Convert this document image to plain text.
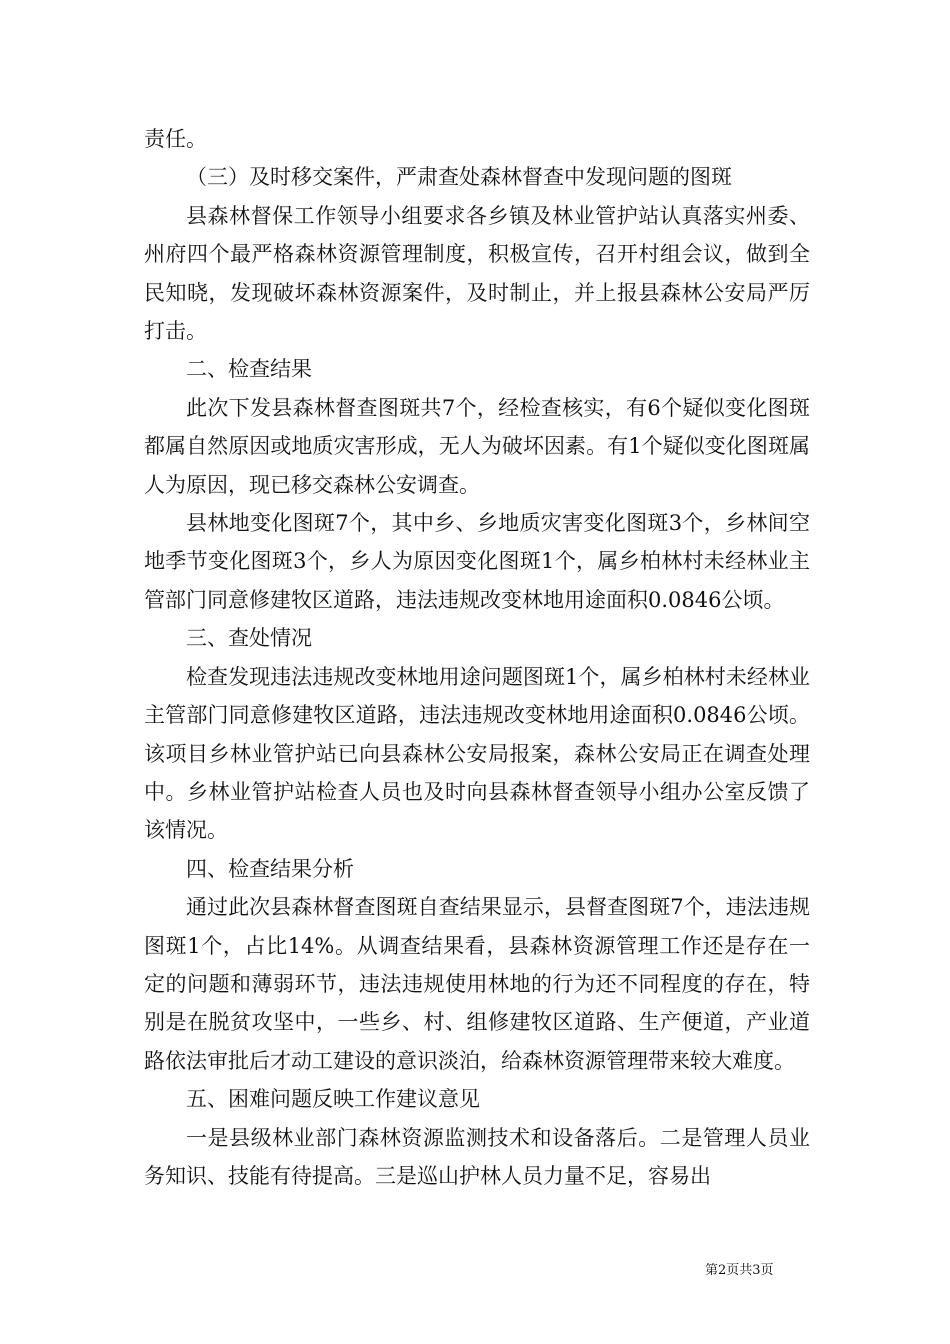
责任。

（三）及时移交案件，严肃查处森林督查中发现问题的图斑

县森林督保工作领导小组要求各乡镇及林业管护站认真落实州委、州府四个最严格森林资源管理制度，积极宣传，召开村组会议，做到全民知晓，发现破坏森林资源案件，及时制止，并上报县森林公安局严厉打击。

二、检查结果

此次下发县森林督查图斑共7个，经检查核实，有6个疑似变化图斑都属自然原因或地质灾害形成，无人为破坏因素。有1个疑似变化图斑属人为原因，现已移交森林公安调查。

县林地变化图斑7个，其中乡、乡地质灾害变化图斑3个，乡林间空地季节变化图斑3个，乡人为原因变化图斑1个，属乡柏林村未经林业主管部门同意修建牧区道路，违法违规改变林地用途面积0.0846公顷。

三、查处情况

检查发现违法违规改变林地用途问题图斑1个，属乡柏林村未经林业主管部门同意修建牧区道路，违法违规改变林地用途面积0.0846公顷。该项目乡林业管护站已向县森林公安局报案，森林公安局正在调查处理中。乡林业管护站检查人员也及时向县森林督查领导小组办公室反馈了该情况。

四、检查结果分析

通过此次县森林督查图斑自查结果显示，县督查图斑7个，违法违规图斑1个，占比14%。从调查结果看，县森林资源管理工作还是存在一定的问题和薄弱环节，违法违规使用林地的行为还不同程度的存在，特别是在脱贫攻坚中，一些乡、村、组修建牧区道路、生产便道，产业道路依法审批后才动工建设的意识淡泊，给森林资源管理带来较大难度。

五、困难问题反映工作建议意见

一是县级林业部门森林资源监测技术和设备落后。二是管理人员业务知识、技能有待提高。三是巡山护林人员力量不足，容易出

第2页共3页
